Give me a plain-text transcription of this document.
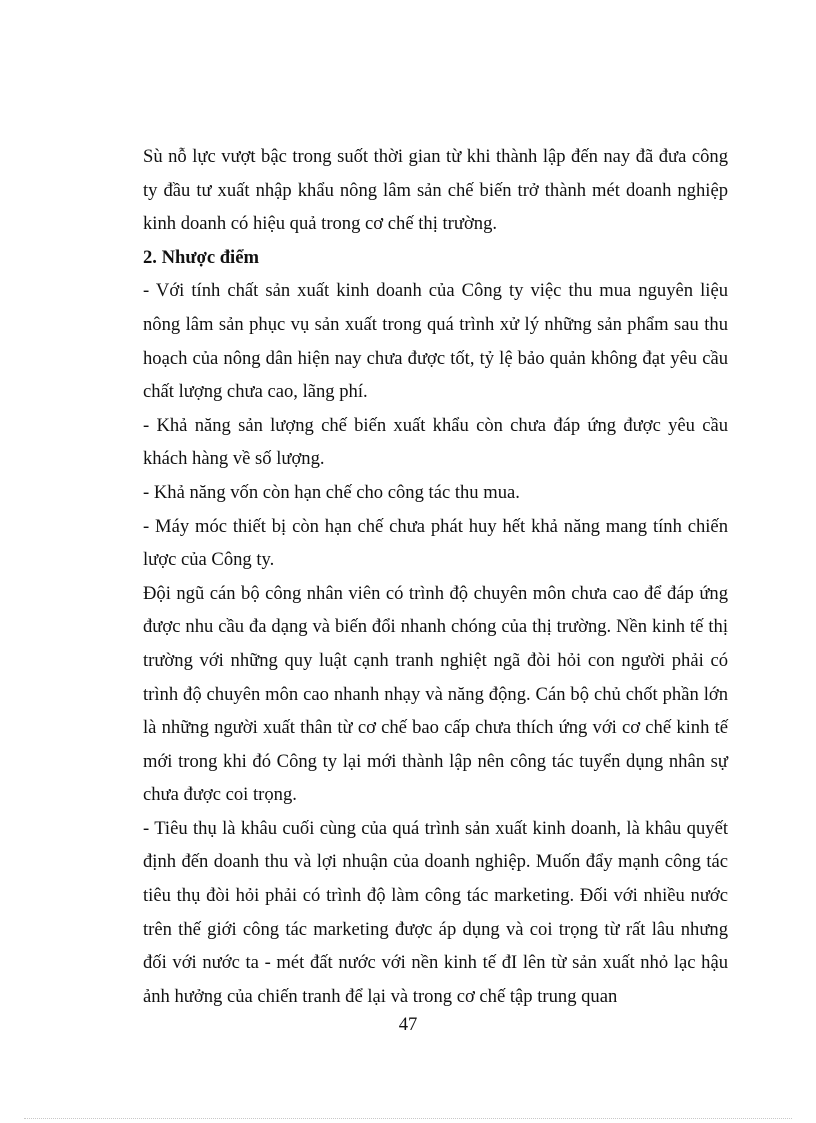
Sù nỗ lực vượt bậc trong suốt thời gian từ khi thành lập đến nay đã đưa công ty đầu tư xuất nhập khẩu nông lâm sản chế biến trở thành mét doanh nghiệp kinh doanh có hiệu quả trong cơ chế thị trường.

2. Nhược điểm

- Với tính chất sản xuất kinh doanh của Công ty việc thu mua nguyên liệu nông lâm sản phục vụ sản xuất trong quá trình xử lý những sản phẩm sau thu hoạch của nông dân hiện nay chưa được tốt, tỷ lệ bảo quản không đạt yêu cầu chất lượng chưa cao, lãng phí.

- Khả năng sản lượng chế biến xuất khẩu còn chưa đáp ứng được yêu cầu khách hàng về số lượng.

- Khả năng vốn còn hạn chế cho công tác thu mua.

- Máy móc thiết bị còn hạn chế chưa phát huy hết khả năng mang tính chiến lược của Công ty.

Đội ngũ cán bộ công nhân viên có trình độ chuyên môn chưa cao để đáp ứng được nhu cầu đa dạng và biến đổi nhanh chóng của thị trường. Nền kinh tế thị trường với những quy luật cạnh tranh nghiệt ngã đòi hỏi con người phải có trình độ chuyên môn cao nhanh nhạy và năng động. Cán bộ chủ chốt phần lớn là những người xuất thân từ cơ chế bao cấp chưa thích ứng với cơ chế kinh tế mới trong khi đó Công ty lại mới thành lập nên công tác tuyển dụng nhân sự chưa được coi trọng.

- Tiêu thụ là khâu cuối cùng của quá trình sản xuất kinh doanh, là khâu quyết định đến doanh thu và lợi nhuận của doanh nghiệp. Muốn đẩy mạnh công tác tiêu thụ đòi hỏi phải có trình độ làm công tác marketing. Đối với nhiều nước trên thế giới công tác marketing được áp dụng và coi trọng từ rất lâu nhưng đối với nước ta - mét đất nước với nền kinh tế đI lên từ sản xuất nhỏ lạc hậu ảnh hưởng của chiến tranh để lại và trong cơ chế tập trung quan

47
